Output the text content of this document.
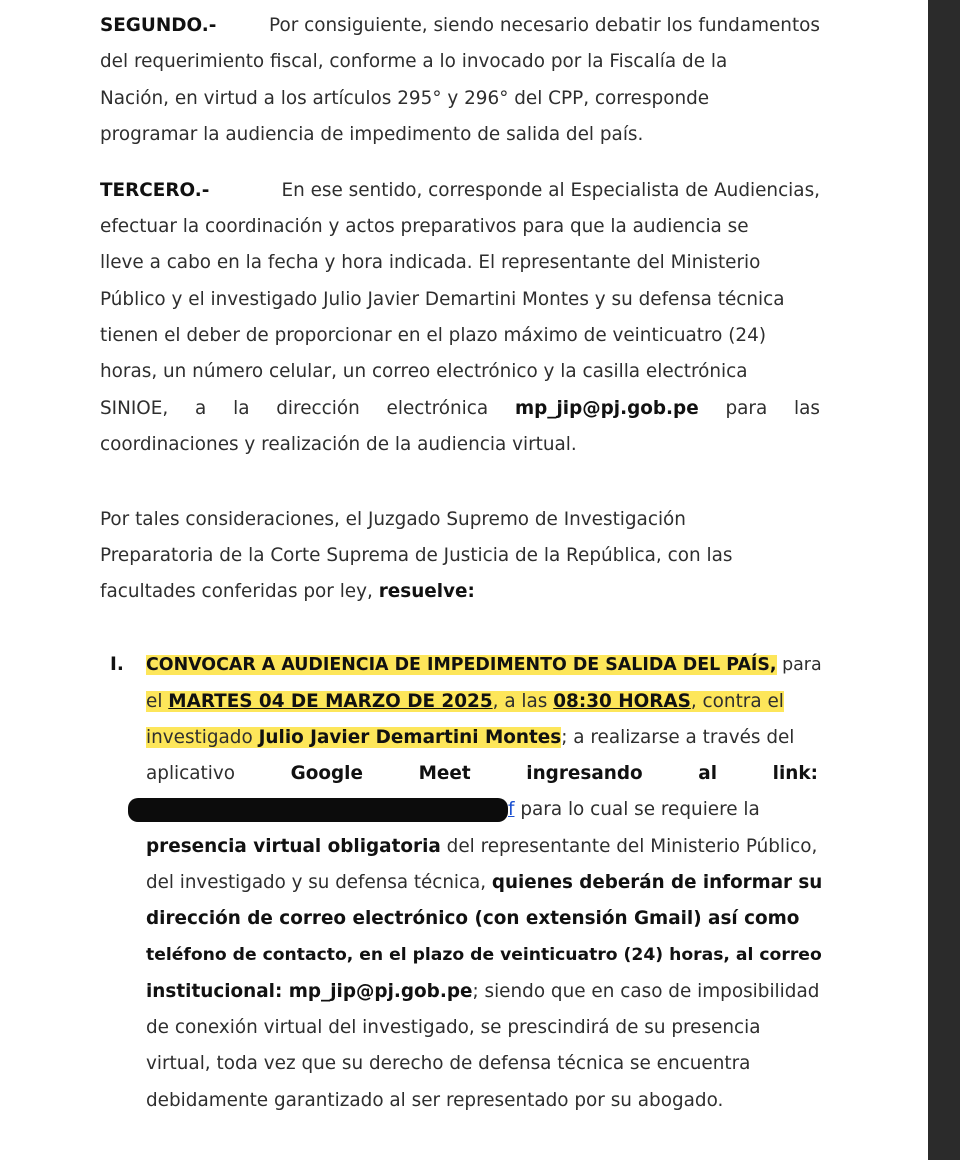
SEGUNDO.-	Por consiguiente, siendo necesario debatir los fundamentos
del requerimiento fiscal, conforme a lo invocado por la Fiscalía de la
Nación, en virtud a los artículos 295° y 296° del CPP, corresponde
programar la audiencia de impedimento de salida del país.
TERCERO.-	En ese sentido, corresponde al Especialista de Audiencias,
efectuar la coordinación y actos preparativos para que la audiencia se
lleve a cabo en la fecha y hora indicada. El representante del Ministerio
Público y el investigado Julio Javier Demartini Montes y su defensa técnica
tienen el deber de proporcionar en el plazo máximo de veinticuatro (24)
horas, un número celular, un correo electrónico y la casilla electrónica
SINIOE, a la dirección electrónica mp_jip@pj.gob.pe para las
coordinaciones y realización de la audiencia virtual.
Por tales consideraciones, el Juzgado Supremo de Investigación
Preparatoria de la Corte Suprema de Justicia de la República, con las
facultades conferidas por ley, resuelve:
I. CONVOCAR A AUDIENCIA DE IMPEDIMENTO DE SALIDA DEL PAÍS, para
el MARTES 04 DE MARZO DE 2025, a las 08:30 HORAS, contra el
investigado Julio Javier Demartini Montes; a realizarse a través del
aplicativo	Google	Meet	ingresando	al	link:
f para lo cual se requiere la
presencia virtual obligatoria del representante del Ministerio Público,
del investigado y su defensa técnica, quienes deberán de informar su
dirección de correo electrónico (con extensión Gmail) así como
teléfono de contacto, en el plazo de veinticuatro (24) horas, al correo
institucional: mp_jip@pj.gob.pe; siendo que en caso de imposibilidad
de conexión virtual del investigado, se prescindirá de su presencia
virtual, toda vez que su derecho de defensa técnica se encuentra
debidamente garantizado al ser representado por su abogado.
